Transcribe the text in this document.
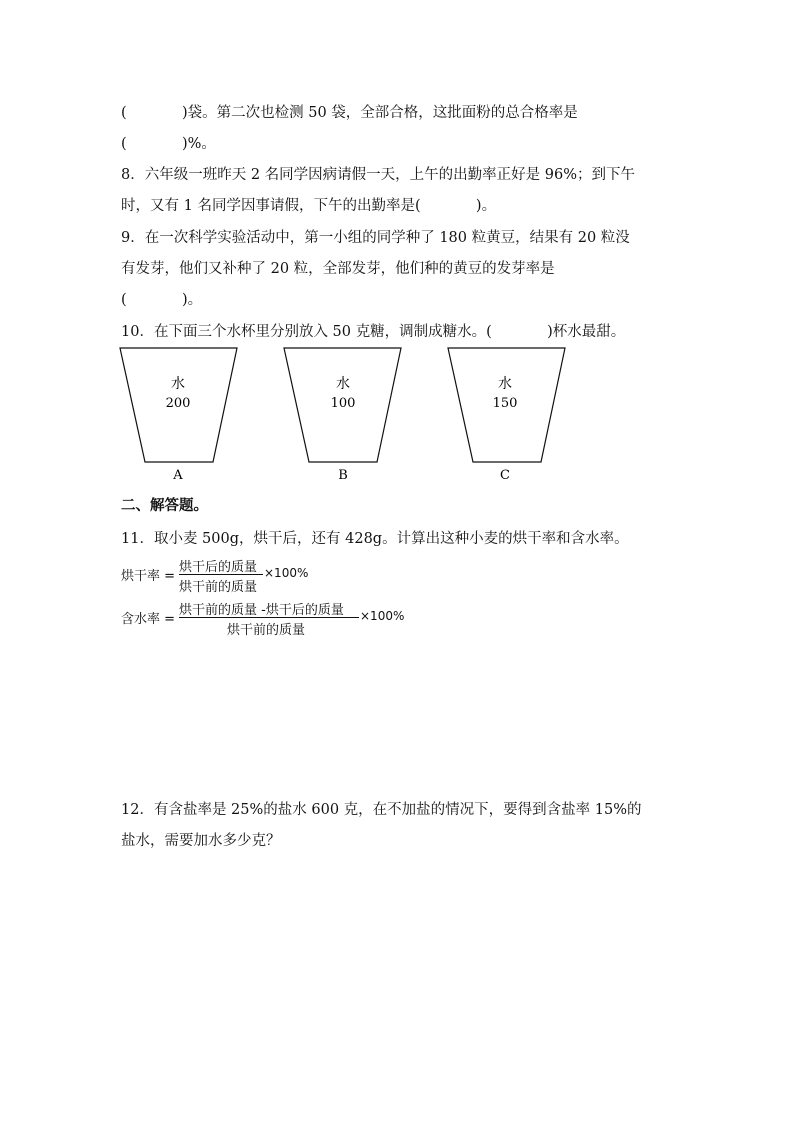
(            )袋。第二次也检测 50 袋，全部合格，这批面粉的总合格率是
(            )%。
8．六年级一班昨天 2 名同学因病请假一天，上午的出勤率正好是 96%；到下午
时，又有 1 名同学因事请假，下午的出勤率是(            )。
9．在一次科学实验活动中，第一小组的同学种了 180 粒黄豆，结果有 20 粒没
有发芽，他们又补种了 20 粒，全部发芽，他们种的黄豆的发芽率是
(            )。
10．在下面三个水杯里分别放入 50 克糖，调制成糖水。(            )杯水最甜。
水
200
A
水
100
B
水
150
C
二、解答题。
11．取小麦 500g，烘干后，还有 428g。计算出这种小麦的烘干率和含水率。
烘干率 =
烘干后的质量
烘干前的质量
×100%
含水率 =
烘干前的质量 -烘干后的质量
烘干前的质量
×100%
12．有含盐率是 25%的盐水 600 克，在不加盐的情况下，要得到含盐率 15%的
盐水，需要加水多少克？
